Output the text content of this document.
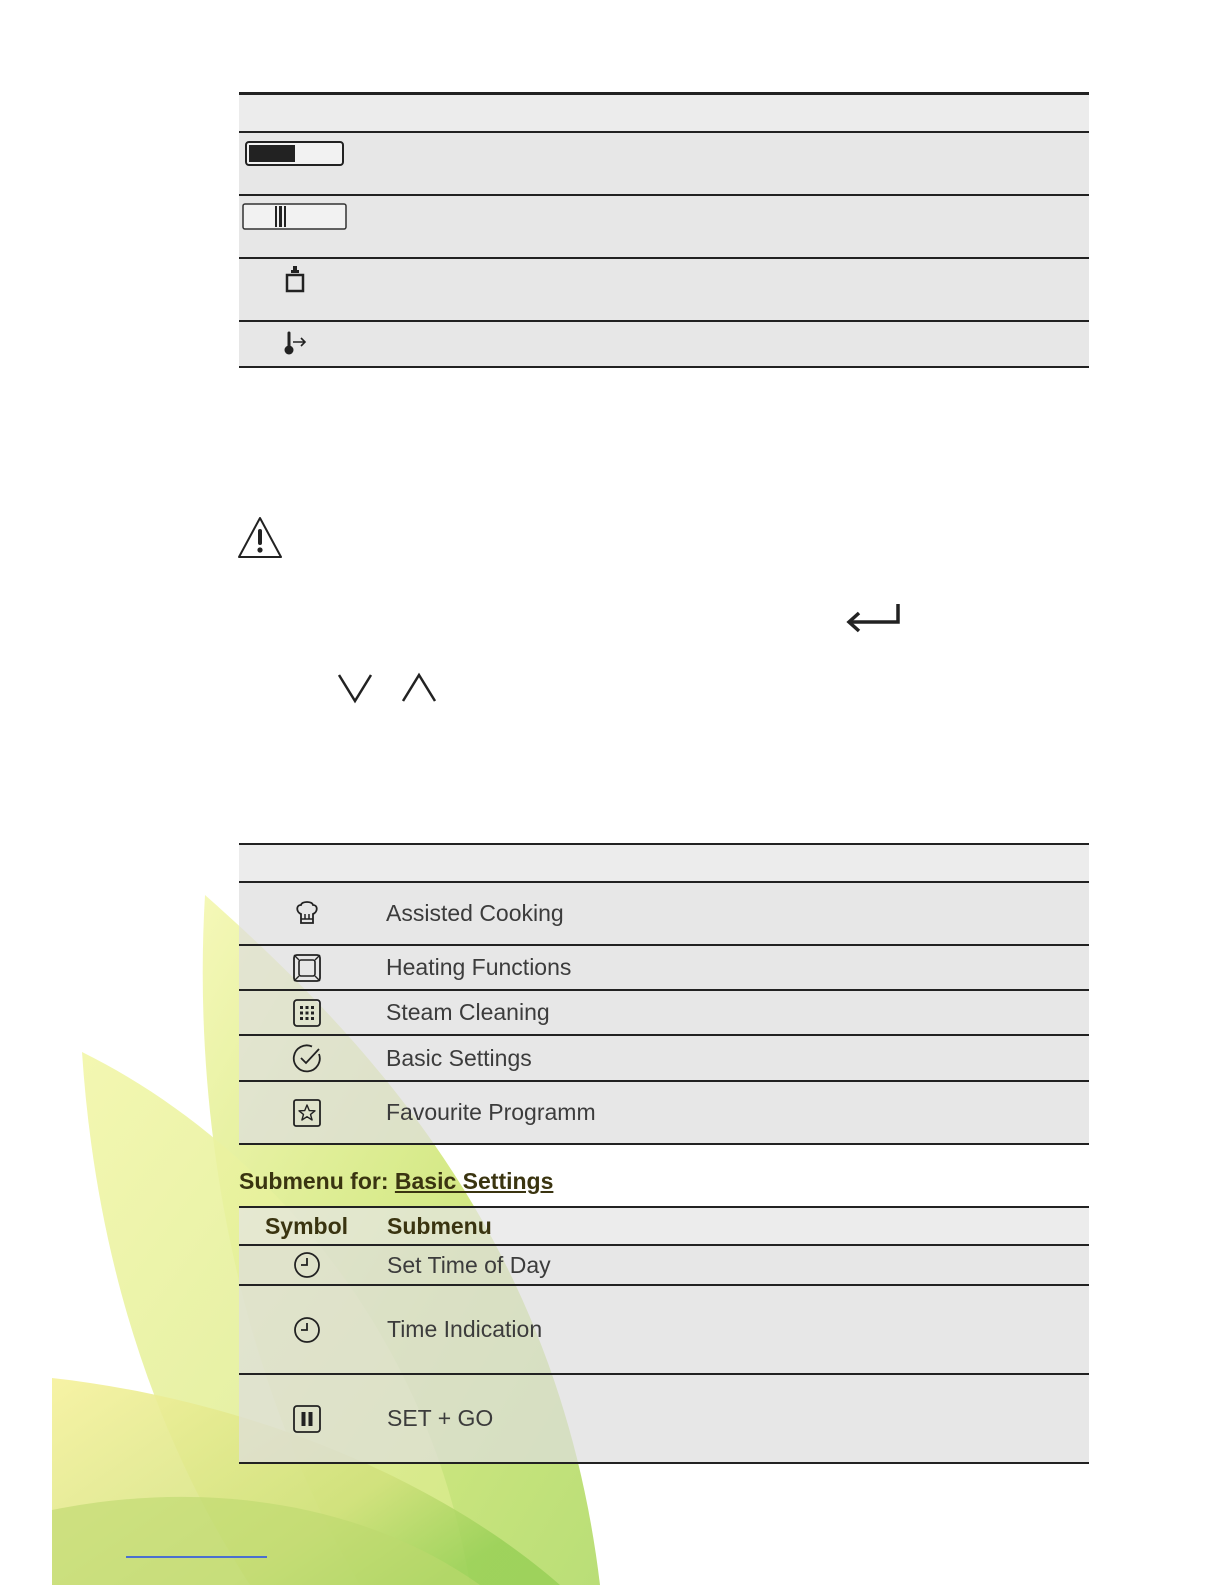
	Assisted Cooking
	Heating Functions
	Steam Cleaning
	Basic Settings
	Favourite Programm

Submenu for: Basic Settings

Symbol	Submenu
	Set Time of Day
	Time Indication
	SET + GO
